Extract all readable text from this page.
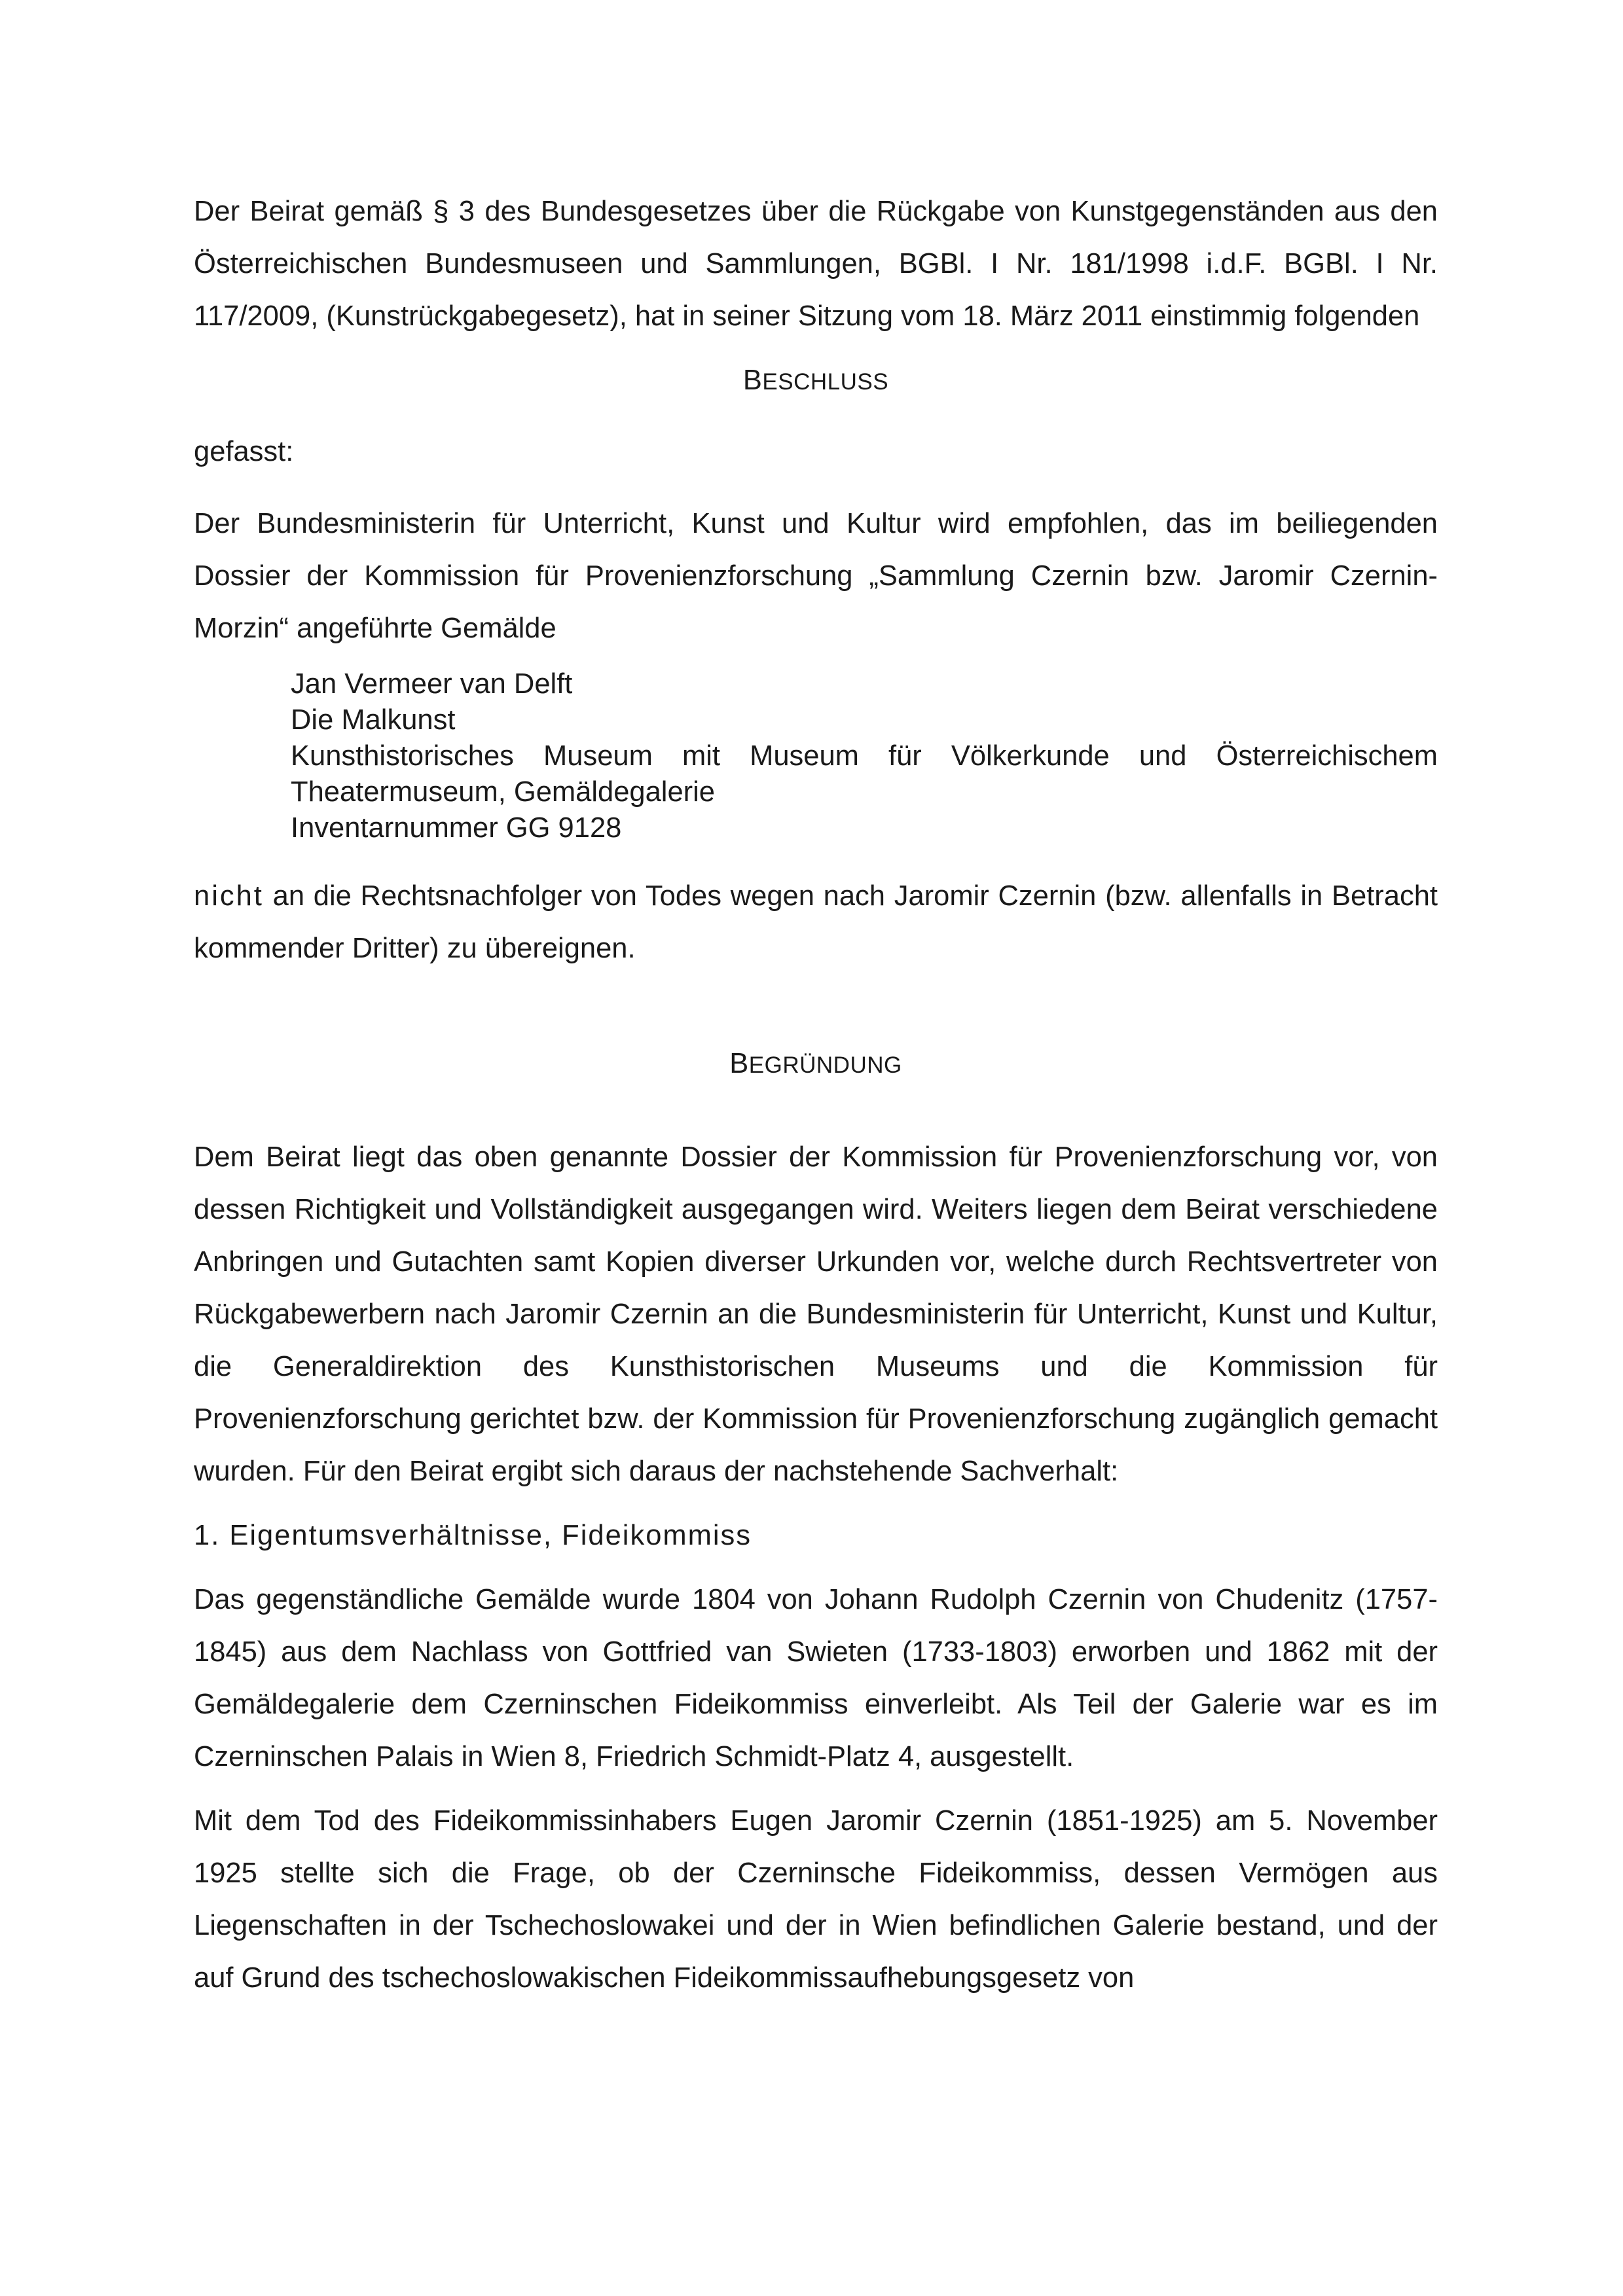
Der Beirat gemäß § 3 des Bundesgesetzes über die Rückgabe von Kunstgegenständen aus den Österreichischen Bundesmuseen und Sammlungen, BGBl. I Nr. 181/1998 i.d.F. BGBl. I Nr. 117/2009, (Kunstrückgabegesetz), hat in seiner Sitzung vom 18. März 2011 einstimmig folgenden

BESCHLUSS

gefasst:

Der Bundesministerin für Unterricht, Kunst und Kultur wird empfohlen, das im beiliegenden Dossier der Kommission für Provenienzforschung „Sammlung Czernin bzw. Jaromir Czernin-Morzin“ angeführte Gemälde

Jan Vermeer van Delft
Die Malkunst
Kunsthistorisches Museum mit Museum für Völkerkunde und Österreichischem
Theatermuseum, Gemäldegalerie
Inventarnummer GG 9128

nicht an die Rechtsnachfolger von Todes wegen nach Jaromir Czernin (bzw. allenfalls in Betracht kommender Dritter) zu übereignen.

BEGRÜNDUNG

Dem Beirat liegt das oben genannte Dossier der Kommission für Provenienzforschung vor, von dessen Richtigkeit und Vollständigkeit ausgegangen wird. Weiters liegen dem Beirat verschiedene Anbringen und Gutachten samt Kopien diverser Urkunden vor, welche durch Rechtsvertreter von Rückgabewerbern nach Jaromir Czernin an die Bundesministerin für Unterricht, Kunst und Kultur, die Generaldirektion des Kunsthistorischen Museums und die Kommission für Provenienzforschung gerichtet bzw. der Kommission für Provenienzforschung zugänglich gemacht wurden. Für den Beirat ergibt sich daraus der nachstehende Sachverhalt:

1. Eigentumsverhältnisse, Fideikommiss

Das gegenständliche Gemälde wurde 1804 von Johann Rudolph Czernin von Chudenitz (1757-1845) aus dem Nachlass von Gottfried van Swieten (1733-1803) erworben und 1862 mit der Gemäldegalerie dem Czerninschen Fideikommiss einverleibt. Als Teil der Galerie war es im Czerninschen Palais in Wien 8, Friedrich Schmidt-Platz 4, ausgestellt.

Mit dem Tod des Fideikommissinhabers Eugen Jaromir Czernin (1851-1925) am 5. November 1925 stellte sich die Frage, ob der Czerninsche Fideikommiss, dessen Vermögen aus Liegenschaften in der Tschechoslowakei und der in Wien befindlichen Galerie bestand, und der auf Grund des tschechoslowakischen Fideikommissaufhebungsgesetz von
